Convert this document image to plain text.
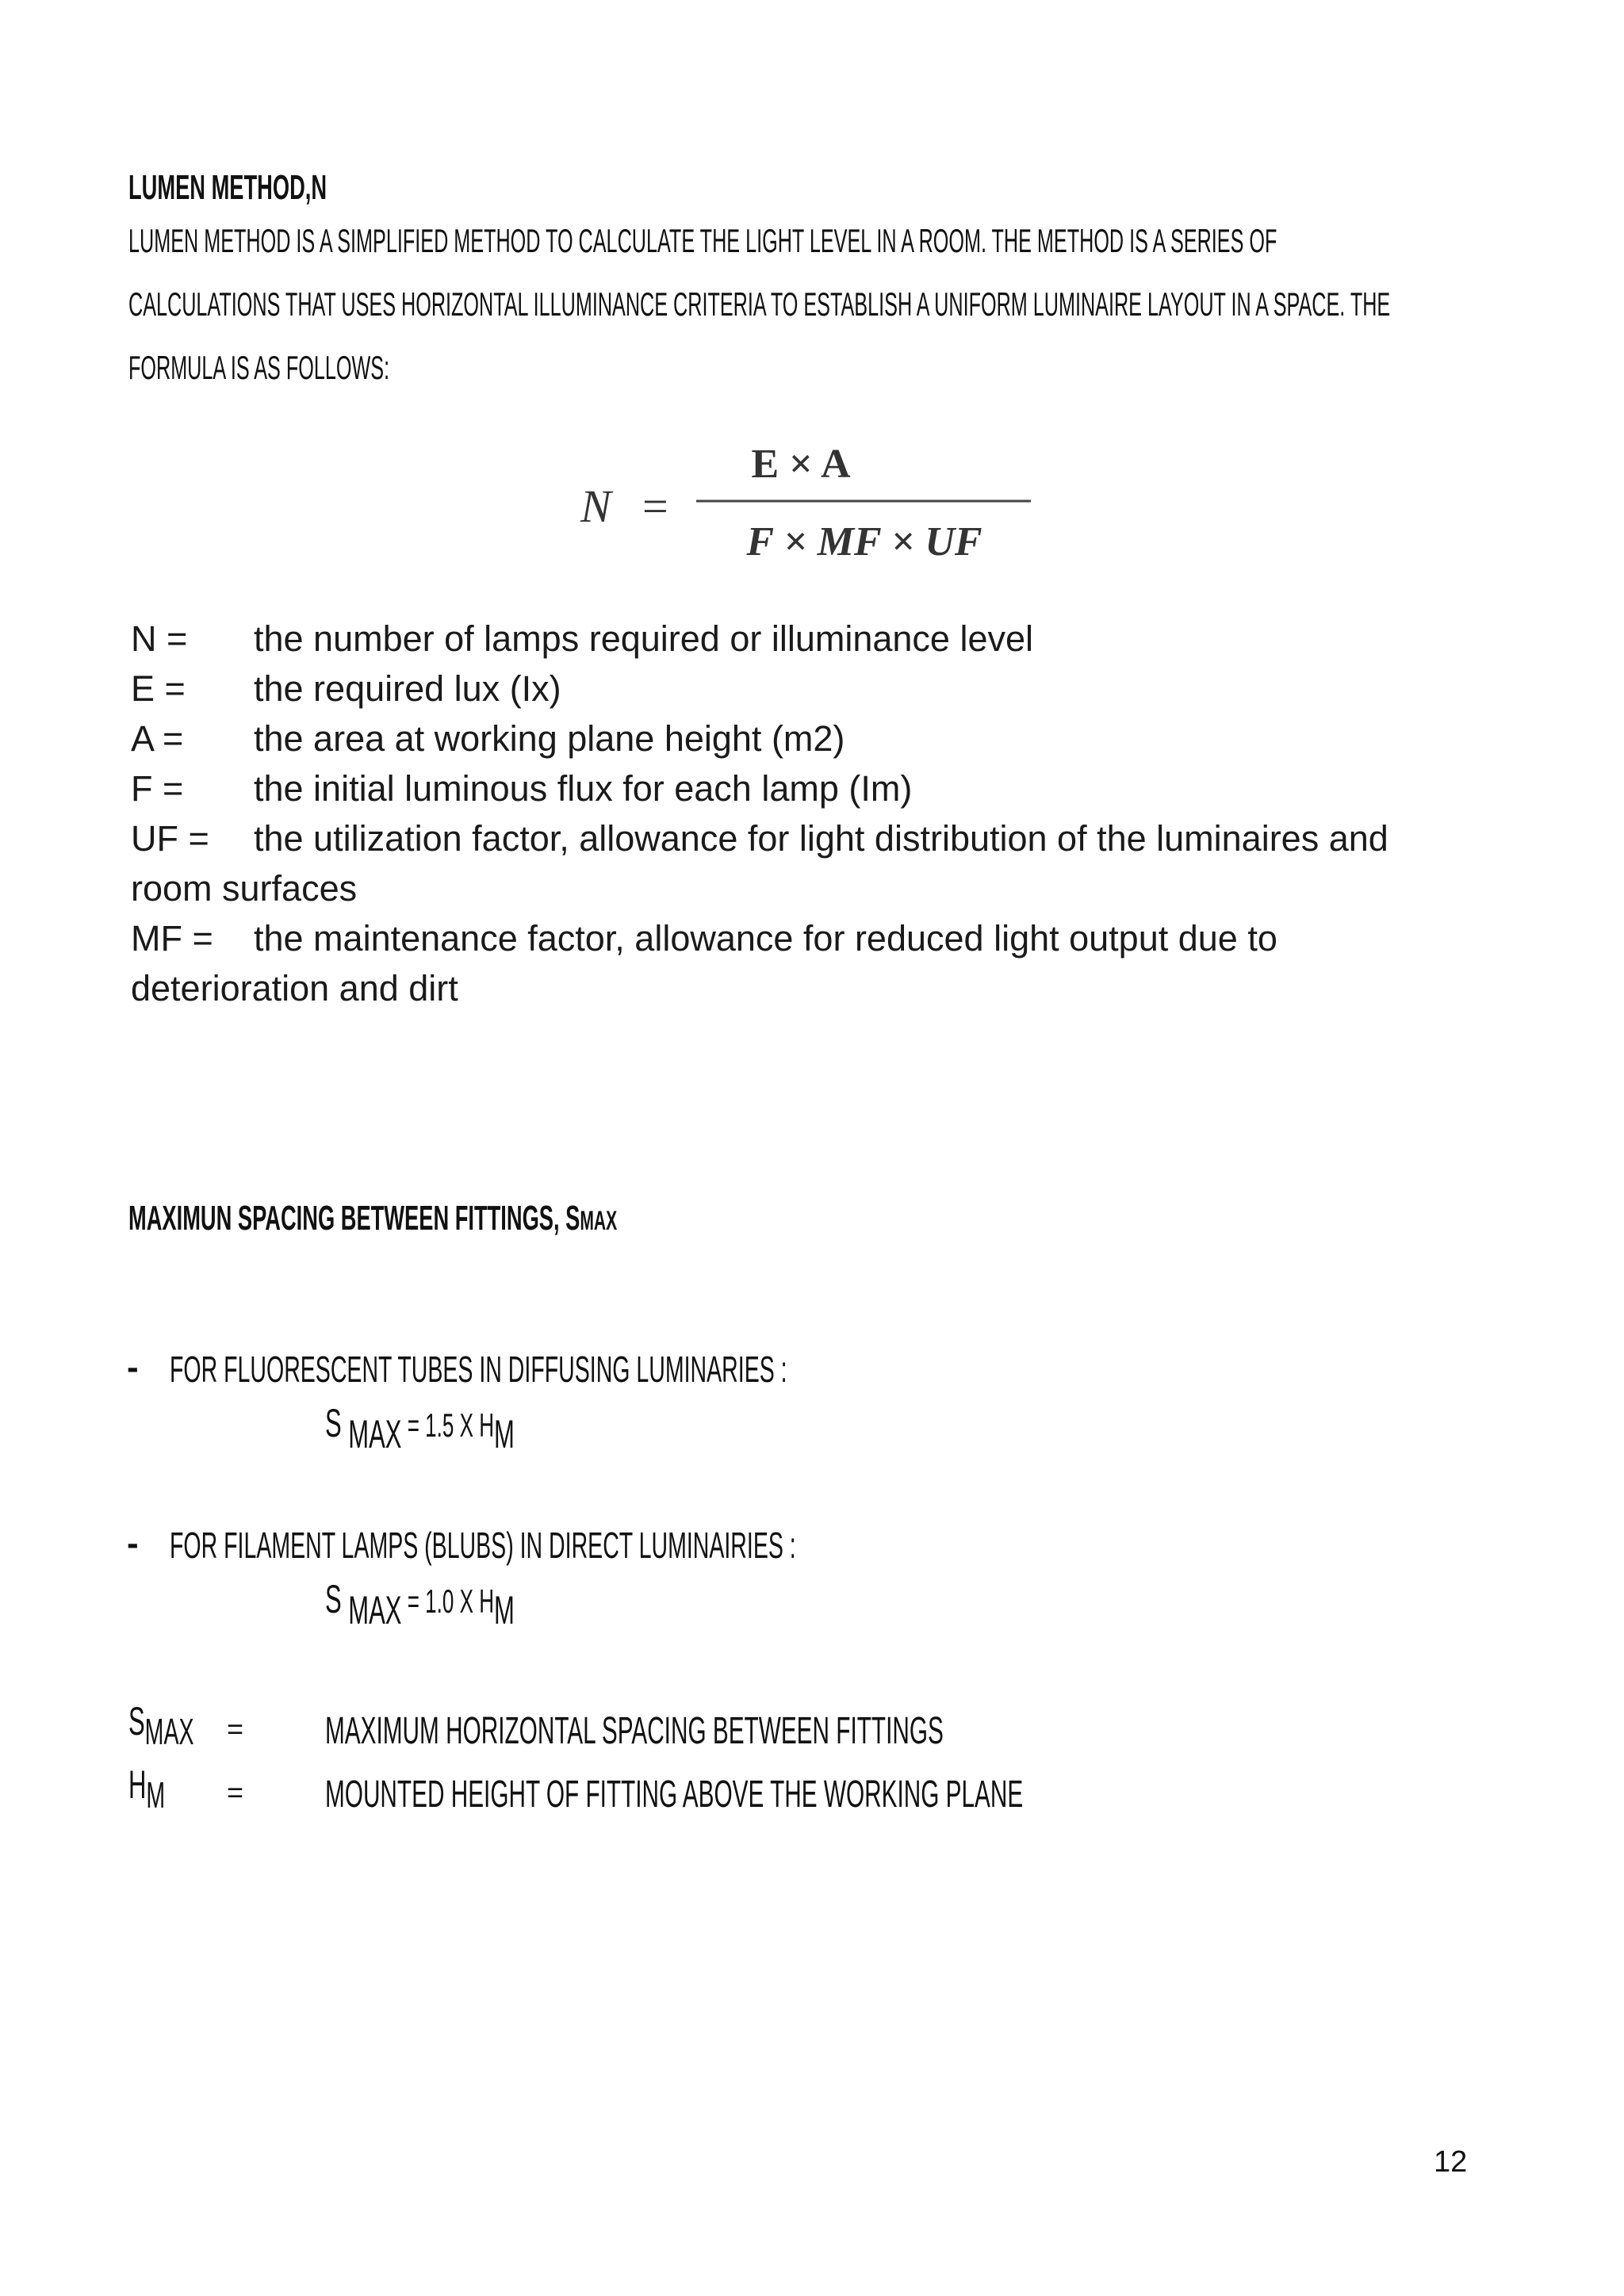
LUMEN METHOD,N
LUMEN METHOD IS A SIMPLIFIED METHOD TO CALCULATE THE LIGHT LEVEL IN A ROOM. THE METHOD IS A SERIES OF
CALCULATIONS THAT USES HORIZONTAL ILLUMINANCE CRITERIA TO ESTABLISH A UNIFORM LUMINAIRE LAYOUT IN A SPACE. THE
FORMULA IS AS FOLLOWS:
N =
E × A
F × MF × UF
N = the number of lamps required or illuminance level
E = the required lux (Ix)
A = the area at working plane height (m2)
F = the initial luminous flux for each lamp (Im)
UF = the utilization factor, allowance for light distribution of the luminaires and
room surfaces
MF = the maintenance factor, allowance for reduced light output due to
deterioration and dirt
MAXIMUN SPACING BETWEEN FITTINGS, SMAX
- FOR FLUORESCENT TUBES IN DIFFUSING LUMINARIES :
S MAX = 1.5 X HM
- FOR FILAMENT LAMPS (BLUBS) IN DIRECT LUMINAIRIES :
S MAX = 1.0 X HM
SMAX = MAXIMUM HORIZONTAL SPACING BETWEEN FITTINGS
HM = MOUNTED HEIGHT OF FITTING ABOVE THE WORKING PLANE
12
